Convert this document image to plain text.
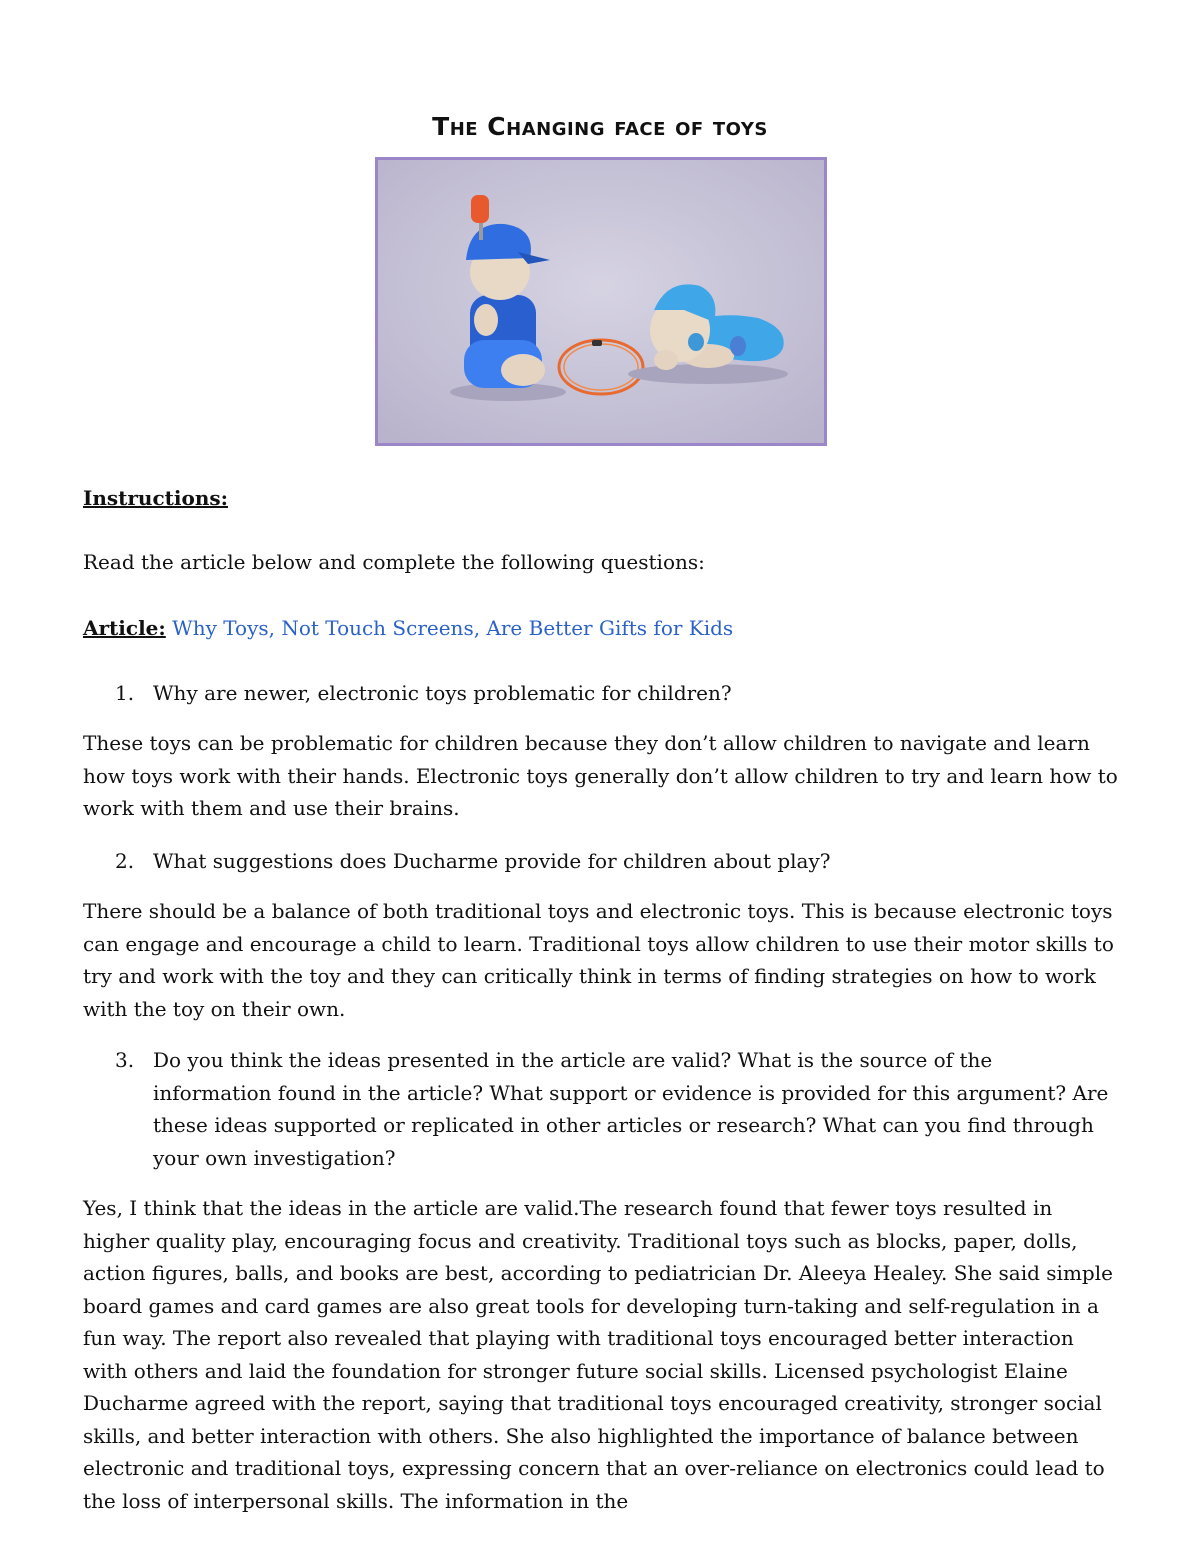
The Changing face of toys
Instructions:
Read the article below and complete the following questions:
Article: Why Toys, Not Touch Screens, Are Better Gifts for Kids
1. Why are newer, electronic toys problematic for children?
These toys can be problematic for children because they don’t allow children to navigate and learn how toys work with their hands. Electronic toys generally don’t allow children to try and learn how to work with them and use their brains.
2. What suggestions does Ducharme provide for children about play?
There should be a balance of both traditional toys and electronic toys. This is because electronic toys can engage and encourage a child to learn. Traditional toys allow children to use their motor skills to try and work with the toy and they can critically think in terms of finding strategies on how to work with the toy on their own.
3. Do you think the ideas presented in the article are valid? What is the source of the information found in the article? What support or evidence is provided for this argument? Are these ideas supported or replicated in other articles or research? What can you find through your own investigation?
Yes, I think that the ideas in the article are valid.The research found that fewer toys resulted in higher quality play, encouraging focus and creativity. Traditional toys such as blocks, paper, dolls, action figures, balls, and books are best, according to pediatrician Dr. Aleeya Healey. She said simple board games and card games are also great tools for developing turn-taking and self-regulation in a fun way. The report also revealed that playing with traditional toys encouraged better interaction with others and laid the foundation for stronger future social skills. Licensed psychologist Elaine Ducharme agreed with the report, saying that traditional toys encouraged creativity, stronger social skills, and better interaction with others. She also highlighted the importance of balance between electronic and traditional toys, expressing concern that an over-reliance on electronics could lead to the loss of interpersonal skills. The information in the
